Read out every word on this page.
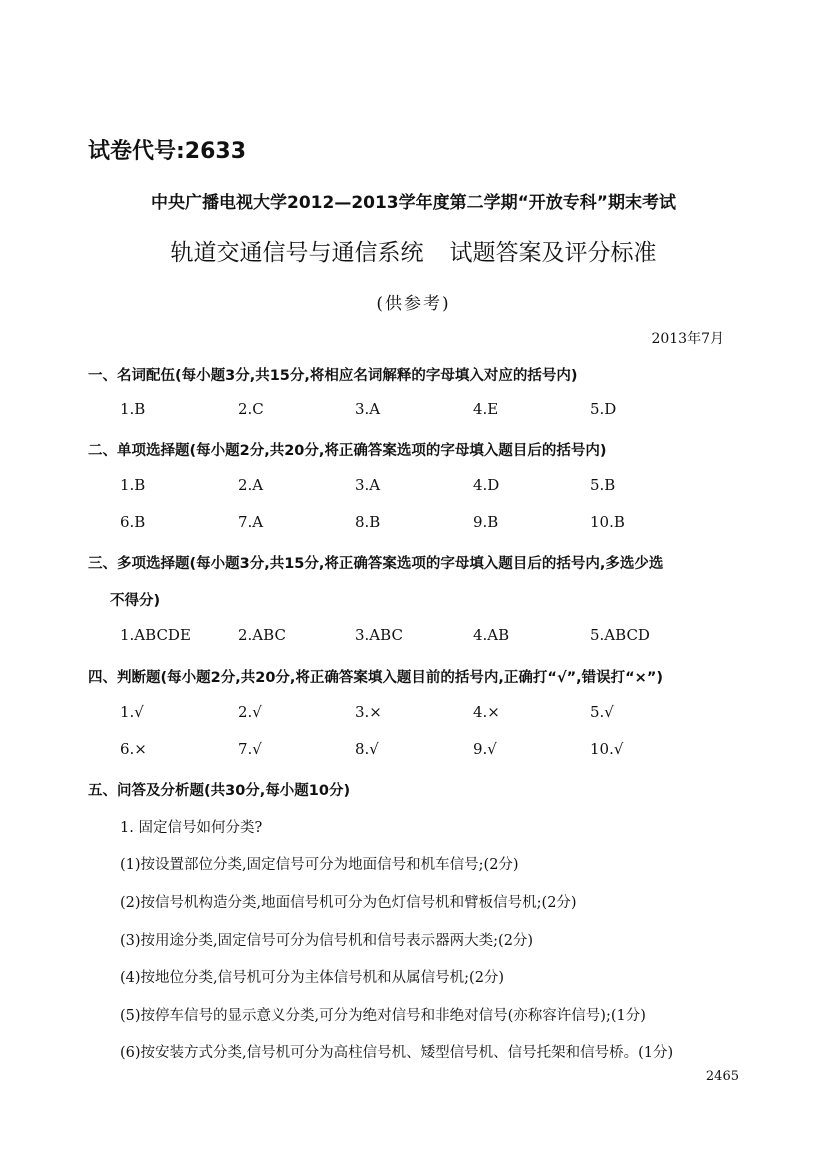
试卷代号:2633
中央广播电视大学2012—2013学年度第二学期“开放专科”期末考试
轨道交通信号与通信系统 试题答案及评分标准
(供参考)
2013年7月
一、名词配伍(每小题3分,共15分,将相应名词解释的字母填入对应的括号内)
1.B	2.C	3.A	4.E	5.D
二、单项选择题(每小题2分,共20分,将正确答案选项的字母填入题目后的括号内)
1.B	2.A	3.A	4.D	5.B
6.B	7.A	8.B	9.B	10.B
三、多项选择题(每小题3分,共15分,将正确答案选项的字母填入题目后的括号内,多选少选
不得分)
1.ABCDE	2.ABC	3.ABC	4.AB	5.ABCD
四、判断题(每小题2分,共20分,将正确答案填入题目前的括号内,正确打“√”,错误打“×”)
1.√	2.√	3.×	4.×	5.√
6.×	7.√	8.√	9.√	10.√
五、问答及分析题(共30分,每小题10分)
1. 固定信号如何分类?
(1)按设置部位分类,固定信号可分为地面信号和机车信号;(2分)
(2)按信号机构造分类,地面信号机可分为色灯信号机和臂板信号机;(2分)
(3)按用途分类,固定信号可分为信号机和信号表示器两大类;(2分)
(4)按地位分类,信号机可分为主体信号机和从属信号机;(2分)
(5)按停车信号的显示意义分类,可分为绝对信号和非绝对信号(亦称容许信号);(1分)
(6)按安装方式分类,信号机可分为高柱信号机、矮型信号机、信号托架和信号桥。(1分)
2465
